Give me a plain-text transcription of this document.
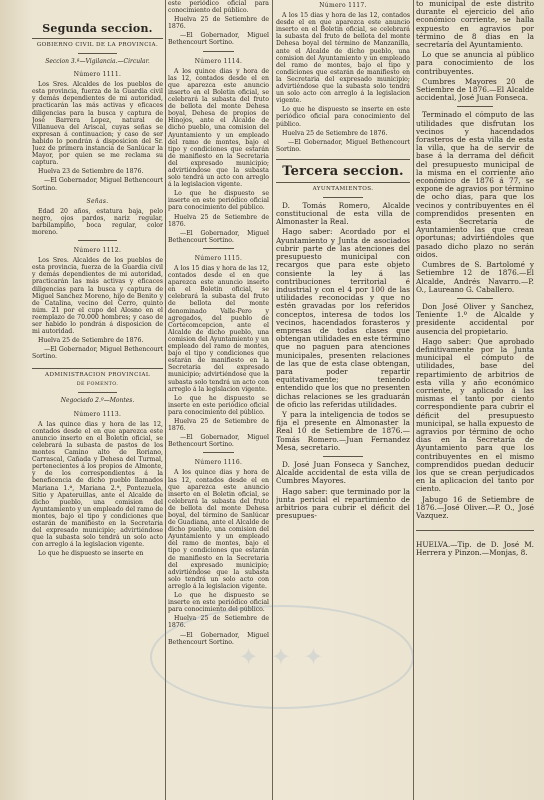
Segunda seccion.
GOBIERNO CIVIL DE LA PROVINCIA.
Seccion 3.ª—Vigilancia.—Circular.
Número 1111.

Los Sres. Alcaldes de los pueblos de esta provincia, fuerza de la Guardia civil y demás dependientes de mi autoridad, practicarán las más activas y eficaces diligencias para la busca y captura de José Barrera Lopez, natural de Villanueva del Ariscal, cuyas señas se expresan á continuacion; y caso de ser habido lo pondrán á disposicion del Sr. Juez de primera instancia de Sanlúcar la Mayor, por quien se me reclama su captura.

Huelva 23 de Setiembre de 1876.

—El Gobernador, Miguel Bethencourt Sortino.

Señas.

Edad 20 años, estatura baja, pelo negro, ojos pardos, nariz regular, barbilampiño, boca regular, color moreno.

Número 1112.

Los Sres. Alcaldes de los pueblos de esta provincia, fuerza de la Guardia civil y demás dependientes de mi autoridad, practicarán las más activas y eficaces diligencias para la busca y captura de Miguel Sanchez Moreno, hijo de Benito y de Catalina, vecino del Cerro, quinto núm. 21 por el cupo del Alosno en el reemplazo de 70.000 hombres; y caso de ser habido lo pondrán á disposicion de mi autoridad.

Huelva 25 de Setiembre de 1876.

—El Gobernador, Miguel Bethencourt Sortino.

ADMINISTRACION PROVINCIAL
DE FOMENTO.
Negociado 2.º—Montes.
Número 1113.

A las quince dias y hora de las 12, contados desde el en que aparezca este anuncio inserto en el Boletin oficial, se celebrará la subasta de pastos de los montes Camino alto de Roriano, Carrascal, Cañada y Dehesa del Turmal, pertenecientes á los propios de Almonte, y de los correspondientes á la beneficencia de dicho pueblo llamados Mariana 1.ª, Mariana 2.ª, Pontezuela, Sitio y Apateruillas, ante el Alcalde de dicho pueblo, una comision del Ayuntamiento y un empleado del ramo de montes, bajo el tipo y condiciones que estarán de manifiesto en la Secretaria del expresado municipio; advirtiéndose que la subasta solo tendrá un solo acto con arreglo á la legislacion vigente.

Lo que he dispuesto se inserte en

este periódico oficial para conocimiento del público.

Huelva 25 de Setiembre de 1876.

—El Gobernador, Miguel Bethencourt Sortino.

Número 1114.

A los quince dias y hora de las 12, contados desde el en que aparezca este anuncio inserto en el Boletin oficial, se celebrará la subasta del fruto de bellota del monte Dehesa boyal, Dehesa de propios de Hinojos, ante el Alcalde de dicho pueblo, una comision del Ayuntamiento y un empleado del ramo de montes, bajo el tipo y condiciones que estarán de manifiesto en la Secretaria del expresado municipio; advirtiéndose que la subasta solo tendrá un acto con arreglo á la legislacion vigente.

Lo que he dispuesto se inserte en este periódico oficial para conocimiento del público.

Huelva 25 de Setiembre de 1876.

—El Gobernador, Miguel Bethencourt Sortino.

Número 1115.

A los 15 dias y hora de las 12, contados desde el en que aparezca este anuncio inserto en el Boletin oficial, se celebrará la subasta del fruto de bellota del monte denominado Valle-Pero y agregados, del pueblo de Cortecomcepcion, ante el Alcalde de dicho pueblo, una comision del Ayuntamiento y un empleado del ramo de montes, bajo el tipo y condiciones que estarán de manifiesto en la Secretaria del expresado municipio; advirtiéndose que la subasta solo tendrá un acto con arreglo á la legislacion vigente.

Lo que he dispuesto se inserte en este periódico oficial para conocimiento del público.

Huelva 25 de Setiembre de 1876.

—El Gobernador, Miguel Bethencourt Sortino.

Número 1116.

A los quince dias y hora de las 12, contados desde el en que aparezca este anuncio inserto en el Boletin oficial, se celebrará la subasta del fruto de bellota del monte Dehesa boyal, del término de Sanlúcar de Guadiana, ante el Alcalde de dicho pueblo, una comision del Ayuntamiento y un empleado del ramo de montes, bajo el tipo y condiciones que estarán de manifiesto en la Secretaria del expresado municipio; advirtiéndose que la subasta solo tendrá un solo acto con arreglo á la legislacion vigente.

Lo que he dispuesto se inserte en este periódico oficial para conocimiento del público.

Huelva 25 de Setiembre de 1876.

—El Gobernador, Miguel Bethencourt Sortino.

Número 1117.

A los 15 dias y hora de las 12, contados desde el en que aparezca este anuncio inserto en el Boletin oficial, se celebrará la subasta del fruto de bellota del monte Dehesa boyal del término de Manzanilla, ante el Alcalde de dicho pueblo, una comision del Ayuntamiento y un empleado del ramo de montes, bajo el tipo y condiciones que estarán de manifiesto en la Secretaria del expresado municipio; advirtiéndose que la subasta solo tendrá un solo acto con arreglo á la legislacion vigente.

Lo que he dispuesto se inserte en este periódico oficial para conocimiento del público.

Huelva 25 de Setiembre de 1876.

—El Gobernador, Miguel Bethencourt Sortino.

Tercera seccion.
AYUNTAMIENTOS.

D. Tomás Romero, Alcalde constitucional de esta villa de Almonaster la Real.

Hago saber: Acordado por el Ayuntamiento y Junta de asociados cubrir parte de las atenciones del presupuesto municipal con recargos que para este objeto consiente la ley á las contribuciones territorial é industrial y con el 4 por 100 de las utilidades reconocidas y que no estén gravadas por los referidos conceptos, interesa de todos los vecinos, hacendados forasteros y empresas de todas clases que obtengan utilidades en este término que no paguen para atenciones municipales, presenten relaciones de las que de esta clase obtengan, para poder repartir equitativamente; teniendo entendido que los que no presenten dichas relaciones se les graduarán de oficio las referidas utilidades.

Y para la inteligencia de todos se fija el presente en Almonaster la Real 10 de Setiembre de 1876.—Tomás Romero.—Juan Fernandez Mesa, secretario.

D. José Juan Fonseca y Sanchez, Alcalde accidental de esta villa de Cumbres Mayores.

Hago saber: que terminado por la junta pericial el repartimiento de arbitrios para cubrir el déficit del presupues-

to municipal de este distrito durante el ejercicio del año económico corriente, se halla expuesto en agravios por término de 8 dias en la secretaría del Ayuntamiento.

Lo que se anuncia al público para conocimiento de los contribuyentes.

Cumbres Mayores 20 de Setiembre de 1876.—El Alcalde accidental, José Juan Fonseca.

Terminado el cómputo de las utilidades que disfrutan los vecinos y hacendados forasteros de esta villa de esta la villa, que ha de servir de base á la derrama del déficit del presupuesto municipal de la misma en el corriente año económico de 1876 á 77, se expone de agravios por término de ocho dias, para que los vecinos y contribuyentes en él comprendidos presenten en esta Secretaría de Ayuntamiento las que crean oportunas; advirtiéndoles que pasado dicho plazo no serán oidos.

Cumbres de S. Bartolomé y Setiembre 12 de 1876.—El Alcalde, Andrés Navarro.—P. O., Laureano G. Caballero.

Don José Oliver y Sanchez, Teniente 1.º de Alcalde y presidente accidental por ausencia del propietario.

Hago saber: Que aprobado definitivamente por la Junta municipal el cómputo de utilidades, base del repartimiento de arbitrios de esta villa y año económico corriente, y aplicado á las mismas el tanto por ciento correspondiente para cubrir el déficit del presupuesto municipal, se halla expuesto de agravios por término de ocho dias en la Secretaría de Ayuntamiento para que los contribuyentes en el mismo comprendidos puedan deducir los que se crean perjudicados en la aplicacion del tanto por ciento.

Jabugo 16 de Setiembre de 1876.—José Oliver.—P. O., José Vazquez.

HUELVA.—Tip. de D. José M. Herrera y Pinzon.—Monjas, 8.

✦ ✦ ✦
